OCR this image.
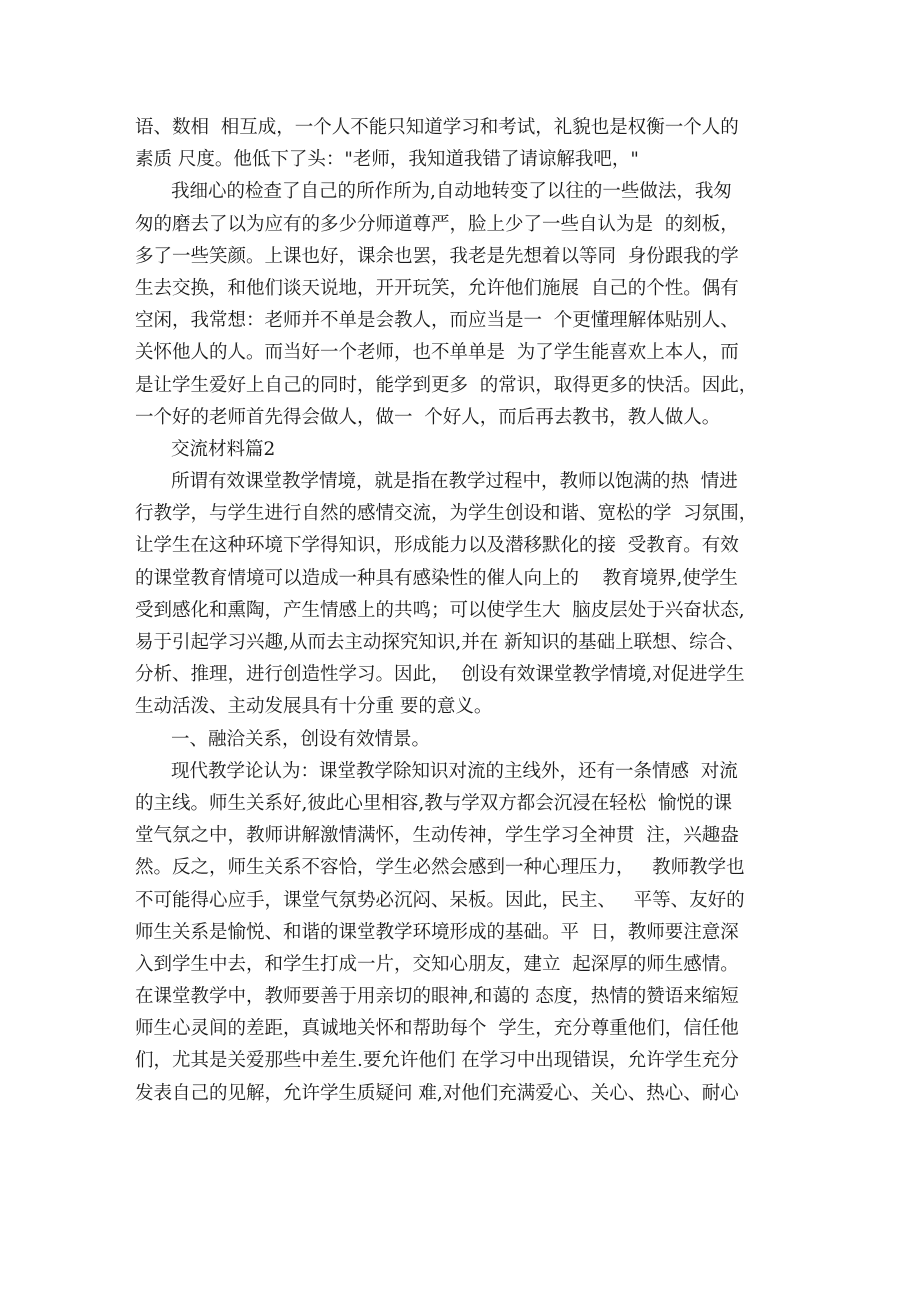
语、数相  相互成，一个人不能只知道学习和考试，礼貌也是权衡一个人的
素质 尺度。他低下了头："老师，我知道我错了请谅解我吧，"
我细心的检查了自己的所作所为,自动地转变了以往的一些做法，我匆
匆的磨去了以为应有的多少分师道尊严，脸上少了一些自认为是  的刻板，
多了一些笑颜。上课也好，课余也罢，我老是先想着以等同  身份跟我的学
生去交换，和他们谈天说地，开开玩笑，允许他们施展  自己的个性。偶有
空闲，我常想：老师并不单是会教人，而应当是一  个更懂理解体贴别人、
关怀他人的人。而当好一个老师，也不单单是  为了学生能喜欢上本人，而
是让学生爱好上自己的同时，能学到更多  的常识，取得更多的快活。因此，
一个好的老师首先得会做人，做一  个好人，而后再去教书，教人做人。
交流材料篇2
所谓有效课堂教学情境，就是指在教学过程中，教师以饱满的热  情进
行教学，与学生进行自然的感情交流，为学生创设和谐、宽松的学  习氛围，
让学生在这种环境下学得知识，形成能力以及潜移默化的接  受教育。有效
的课堂教育情境可以造成一种具有感染性的催人向上的    教育境界,使学生
受到感化和熏陶，产生情感上的共鸣；可以使学生大  脑皮层处于兴奋状态,
易于引起学习兴趣,从而去主动探究知识,并在 新知识的基础上联想、综合、
分析、推理，进行创造性学习。因此，  创设有效课堂教学情境,对促进学生
生动活泼、主动发展具有十分重 要的意义。
一、融洽关系，创设有效情景。
现代教学论认为：课堂教学除知识对流的主线外，还有一条情感  对流
的主线。师生关系好,彼此心里相容,教与学双方都会沉浸在轻松  愉悦的课
堂气氛之中，教师讲解激情满怀，生动传神，学生学习全神贯  注，兴趣盎
然。反之，师生关系不容恰，学生必然会感到一种心理压力，   教师教学也
不可能得心应手，课堂气氛势必沉闷、呆板。因此，民主、   平等、友好的
师生关系是愉悦、和谐的课堂教学环境形成的基础。平  日，教师要注意深
入到学生中去，和学生打成一片，交知心朋友，建立  起深厚的师生感情。
在课堂教学中，教师要善于用亲切的眼神,和蔼的 态度，热情的赞语来缩短
师生心灵间的差距，真诚地关怀和帮助每个  学生，充分尊重他们，信任他
们，尤其是关爱那些中差生.要允许他们 在学习中出现错误，允许学生充分
发表自己的见解，允许学生质疑问 难,对他们充满爱心、关心、热心、耐心
